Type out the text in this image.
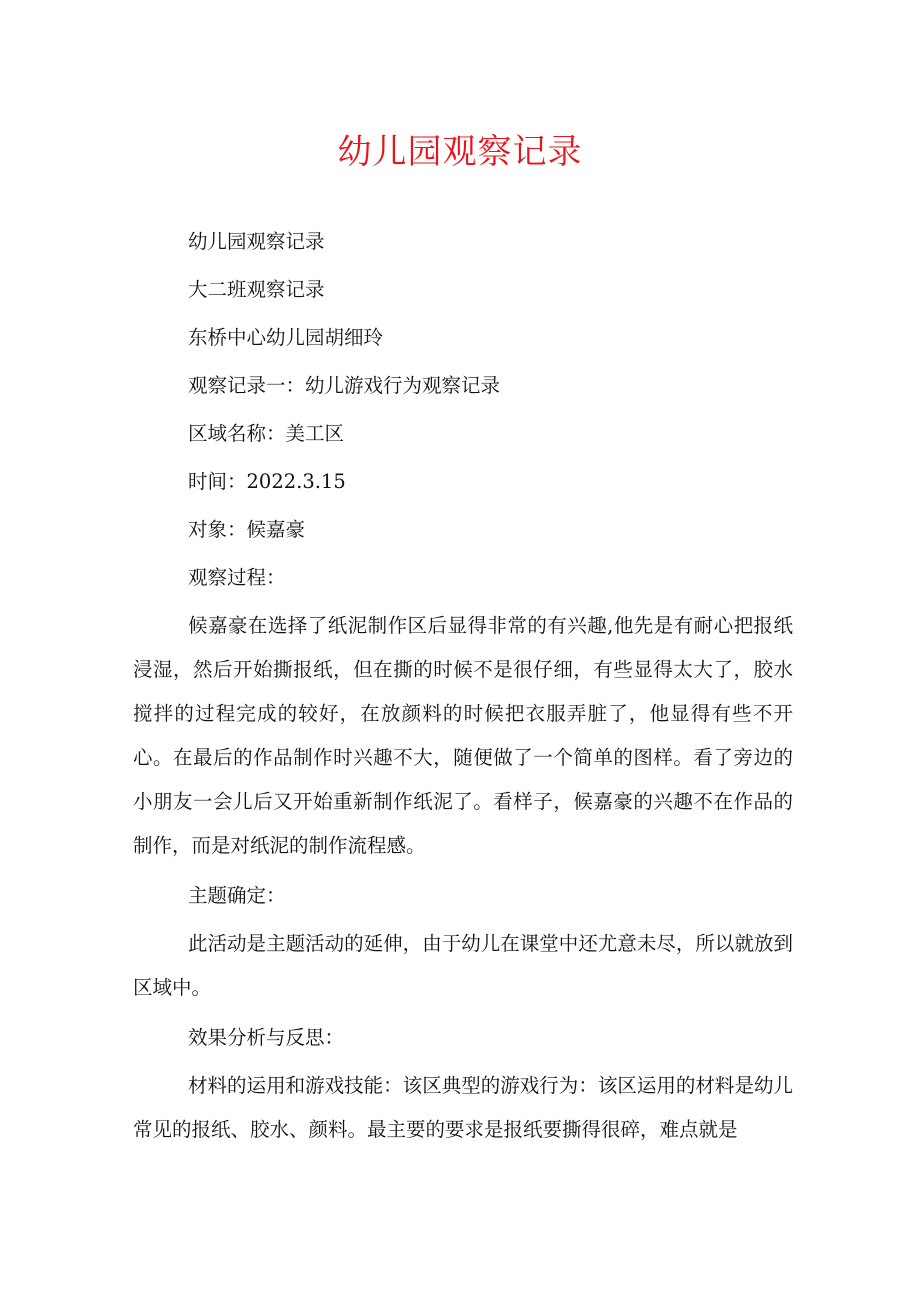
幼儿园观察记录

幼儿园观察记录

大二班观察记录

东桥中心幼儿园胡细玲

观察记录一：幼儿游戏行为观察记录

区域名称：美工区

时间：2022.3.15

对象：候嘉豪

观察过程：

候嘉豪在选择了纸泥制作区后显得非常的有兴趣,他先是有耐心把报纸浸湿，然后开始撕报纸，但在撕的时候不是很仔细，有些显得太大了，胶水搅拌的过程完成的较好，在放颜料的时候把衣服弄脏了，他显得有些不开心。在最后的作品制作时兴趣不大，随便做了一个简单的图样。看了旁边的小朋友一会儿后又开始重新制作纸泥了。看样子，候嘉豪的兴趣不在作品的制作，而是对纸泥的制作流程感。

主题确定：

此活动是主题活动的延伸，由于幼儿在课堂中还尤意未尽，所以就放到区域中。

效果分析与反思：

材料的运用和游戏技能：该区典型的游戏行为：该区运用的材料是幼儿常见的报纸、胶水、颜料。最主要的要求是报纸要撕得很碎，难点就是
